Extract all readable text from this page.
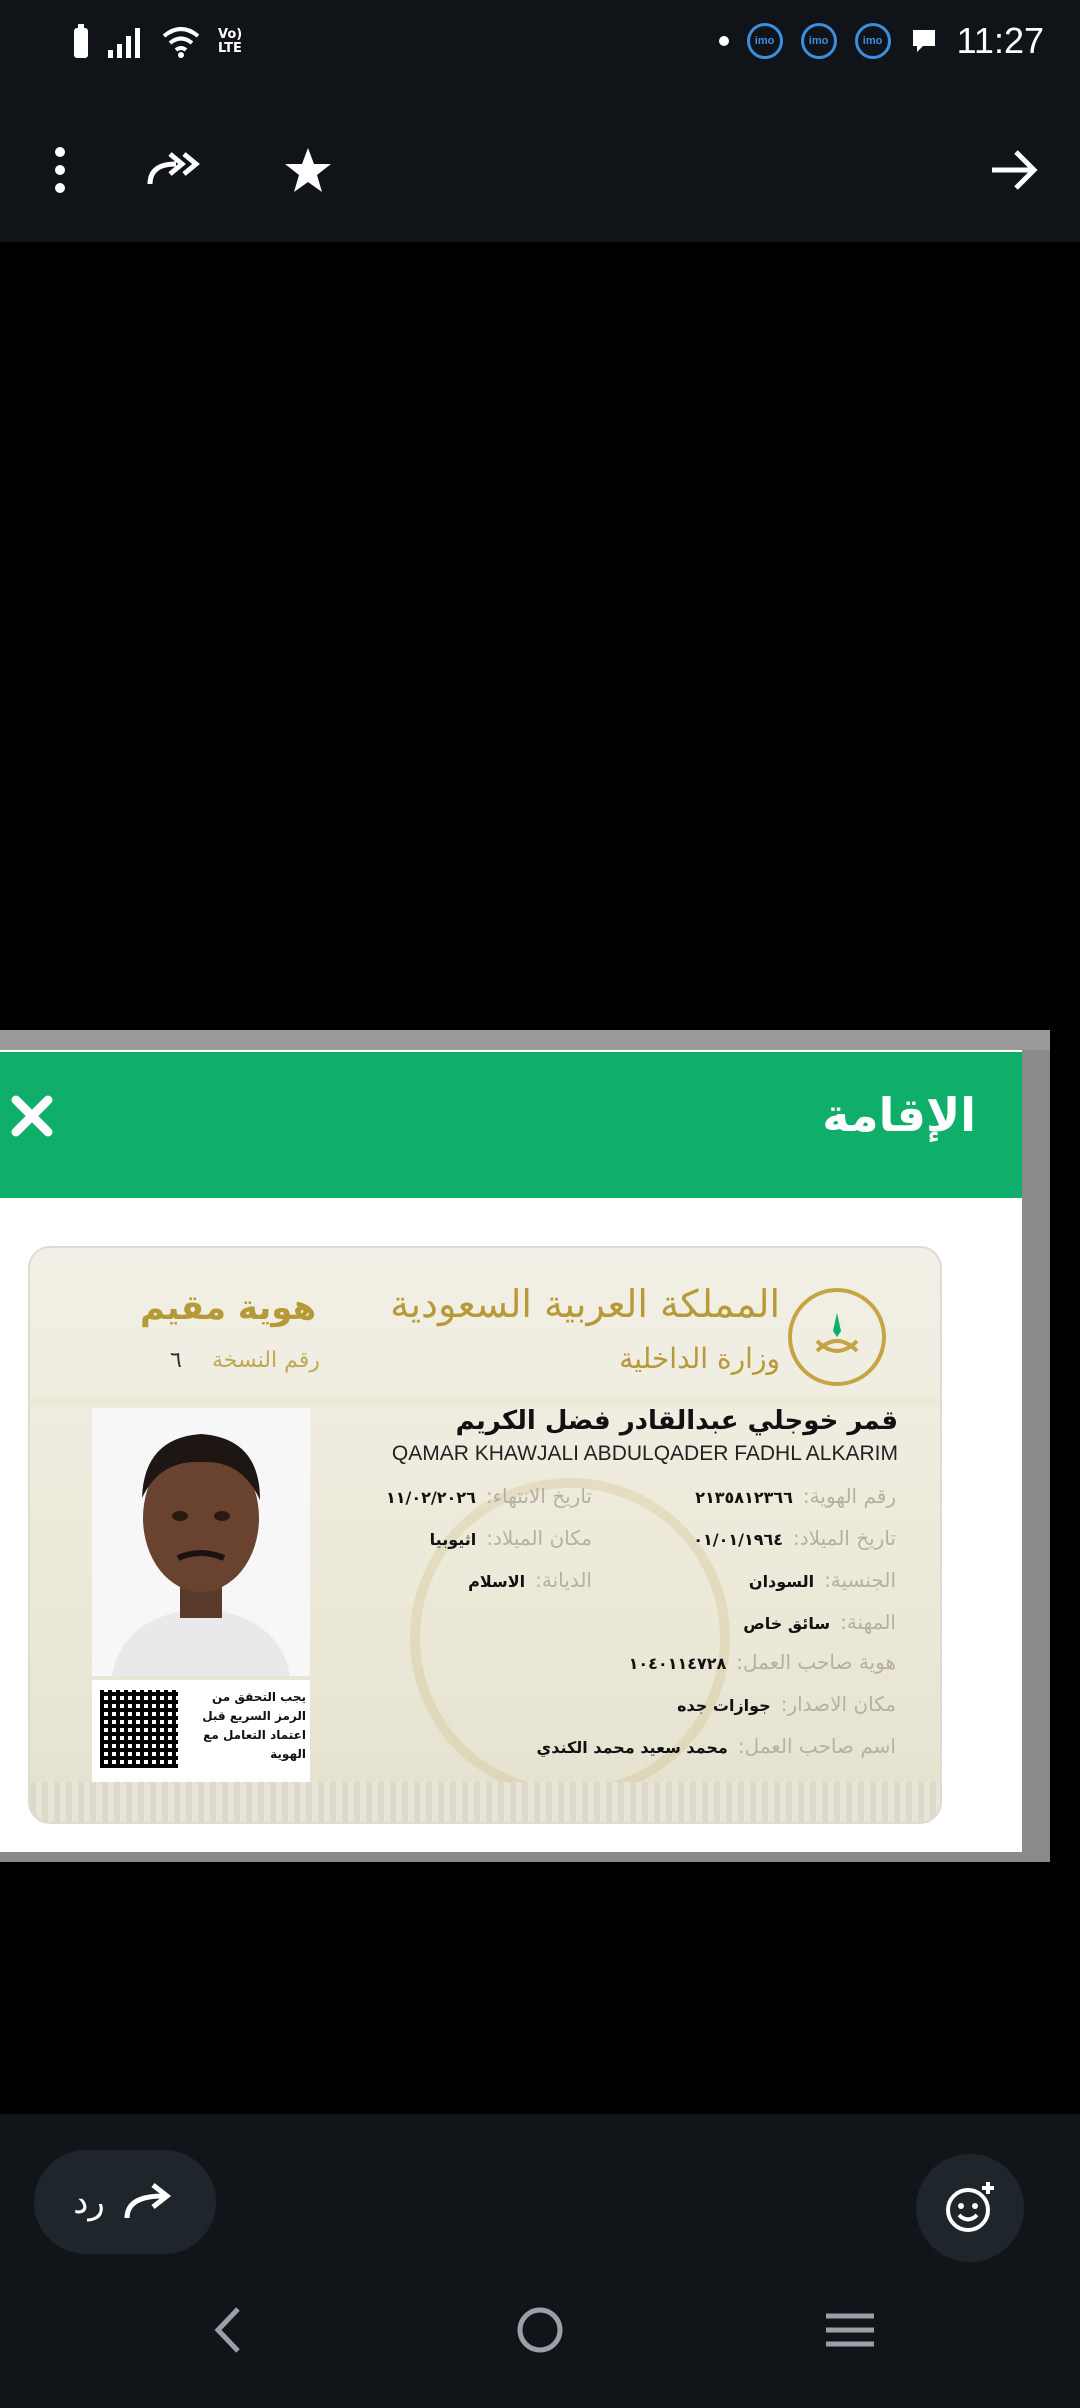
Vo) LTE	imo	imo	imo 11:27
الإقامة
المملكة العربية السعودية
وزارة الداخلية
هوية مقيم
رقم النسخة
٦
يجب التحقق من الرمز السريع قبل اعتماد التعامل مع الهوية
قمر خوجلي عبدالقادر فضل الكريم
QAMAR KHAWJALI ABDULQADER FADHL ALKARIM
رقم الهوية:٢١٣٥٨١٢٣٦٦
تاريخ الانتهاء:١١/٠٢/٢٠٢٦
تاريخ الميلاد:٠١/٠١/١٩٦٤
مكان الميلاد:اثيوبيا
الجنسية:السودان
الديانة:الاسلام
المهنة:سائق خاص
هوية صاحب العمل:١٠٤٠١١٤٧٢٨
مكان الاصدار:جوازات جده
اسم صاحب العمل:محمد سعيد محمد الكندي
رد
